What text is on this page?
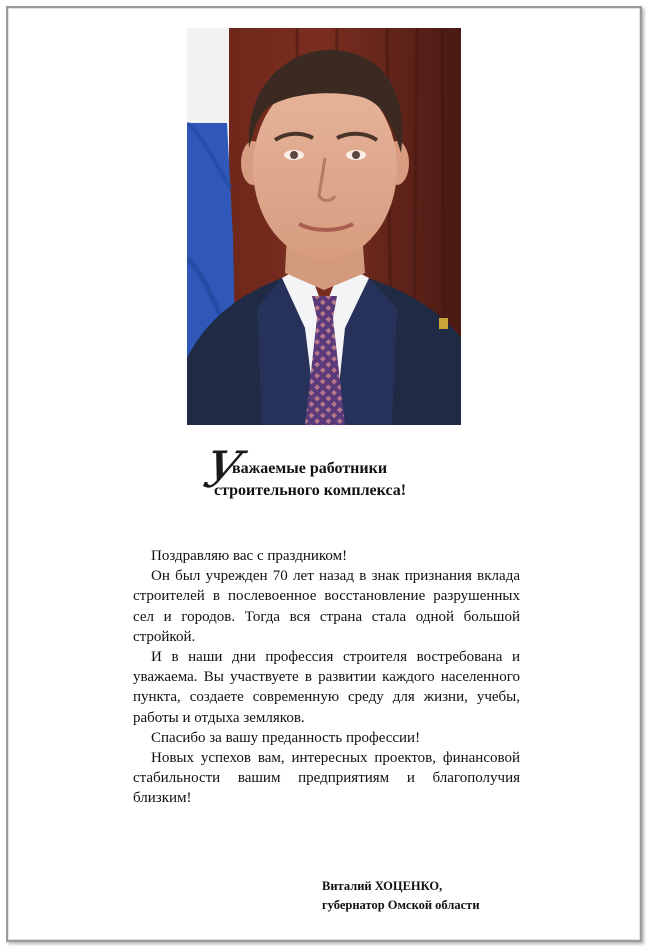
У
важаемые работники
строительного комплекса!

Поздравляю вас с праздником!

Он был учрежден 70 лет назад в знак признания вклада строителей в послевоенное восстановление разрушенных сел и городов. Тогда вся страна стала одной большой стройкой.

И в наши дни профессия строителя востребована и уважаема. Вы участвуете в развитии каждого населенного пункта, создаете современную среду для жизни, учебы, работы и отдыха земляков.

Спасибо за вашу преданность профессии!

Новых успехов вам, интересных проектов, финансовой стабильности вашим предприятиям и благополучия близким!

Виталий ХОЦЕНКО,
губернатор Омской области
